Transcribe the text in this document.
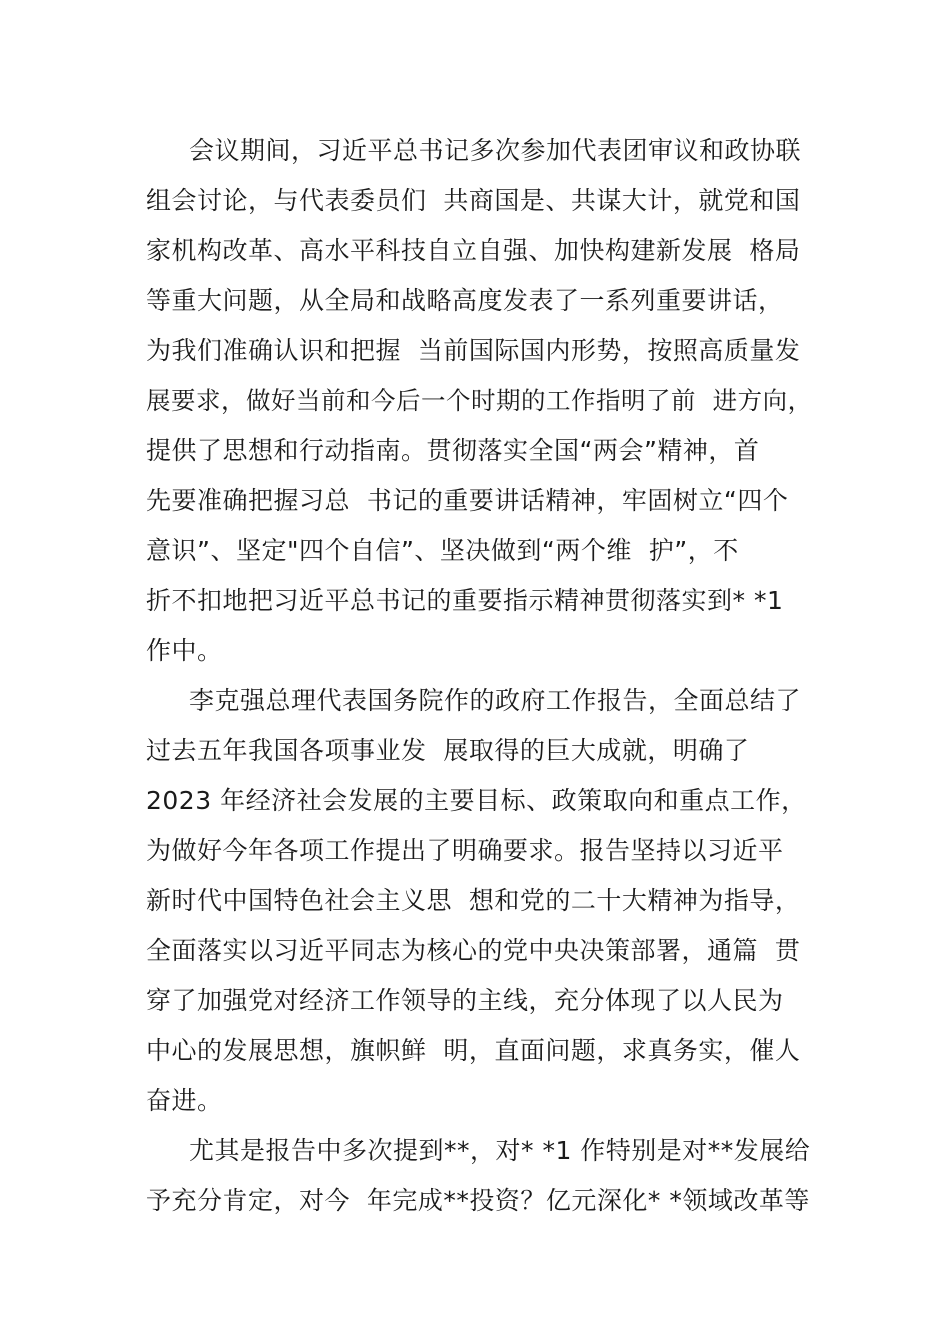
会议期间，习近平总书记多次参加代表团审议和政协联
组会讨论，与代表委员们  共商国是、共谋大计，就党和国
家机构改革、高水平科技自立自强、加快构建新发展  格局
等重大问题，从全局和战略高度发表了一系列重要讲话，
为我们准确认识和把握  当前国际国内形势，按照高质量发
展要求，做好当前和今后一个时期的工作指明了前  进方向，
提供了思想和行动指南。贯彻落实全国“两会”精神，首
先要准确把握习总  书记的重要讲话精神，牢固树立“四个
意识”、坚定"四个自信”、坚决做到“两个维  护”，不
折不扣地把习近平总书记的重要指示精神贯彻落实到* *1
作中。
李克强总理代表国务院作的政府工作报告，全面总结了
过去五年我国各项事业发  展取得的巨大成就，明确了
2023 年经济社会发展的主要目标、政策取向和重点工作，
为做好今年各项工作提出了明确要求。报告坚持以习近平
新时代中国特色社会主义思  想和党的二十大精神为指导，
全面落实以习近平同志为核心的党中央决策部署，通篇  贯
穿了加强党对经济工作领导的主线，充分体现了以人民为
中心的发展思想，旗帜鲜  明，直面问题，求真务实，催人
奋进。
尤其是报告中多次提到**，对* *1 作特别是对**发展给
予充分肯定，对今  年完成**投资？亿元深化* *领域改革等
